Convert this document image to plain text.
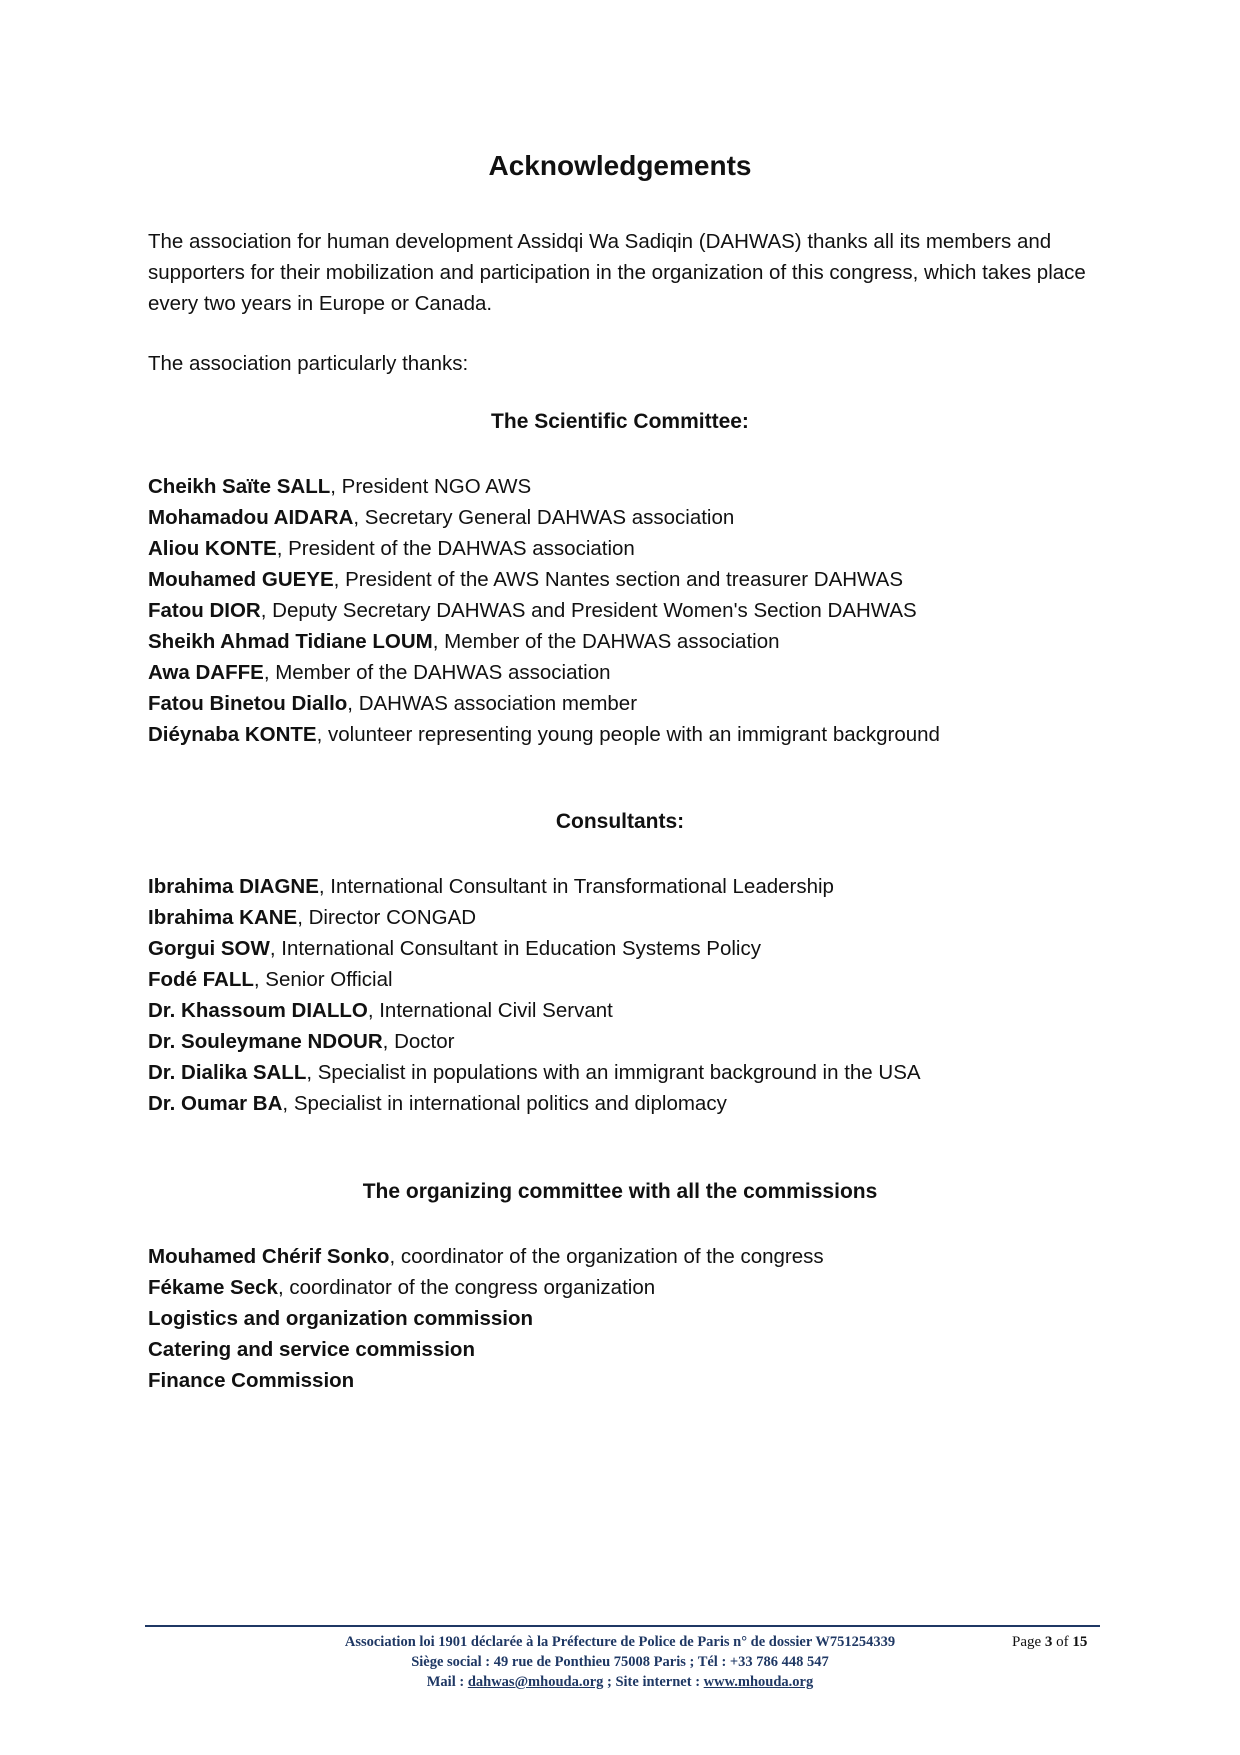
Acknowledgements

The association for human development Assidqi Wa Sadiqin (DAHWAS) thanks all its members and supporters for their mobilization and participation in the organization of this congress, which takes place every two years in Europe or Canada.

The association particularly thanks:

The Scientific Committee:
Cheikh Saïte SALL, President NGO AWS
Mohamadou AIDARA, Secretary General DAHWAS association
Aliou KONTE, President of the DAHWAS association
Mouhamed GUEYE, President of the AWS Nantes section and treasurer DAHWAS
Fatou DIOR, Deputy Secretary DAHWAS and President Women's Section DAHWAS
Sheikh Ahmad Tidiane LOUM, Member of the DAHWAS association
Awa DAFFE, Member of the DAHWAS association
Fatou Binetou Diallo, DAHWAS association member
Diéynaba KONTE, volunteer representing young people with an immigrant background
Consultants:
Ibrahima DIAGNE, International Consultant in Transformational Leadership
Ibrahima KANE, Director CONGAD
Gorgui SOW, International Consultant in Education Systems Policy
Fodé FALL, Senior Official
Dr. Khassoum DIALLO, International Civil Servant
Dr. Souleymane NDOUR, Doctor
Dr. Dialika SALL, Specialist in populations with an immigrant background in the USA
Dr. Oumar BA, Specialist in international politics and diplomacy
The organizing committee with all the commissions
Mouhamed Chérif Sonko, coordinator of the organization of the congress
Fékame Seck, coordinator of the congress organization
Logistics and organization commission
Catering and service commission
Finance Commission
Association loi 1901 déclarée à la Préfecture de Police de Paris n° de dossier W751254339	Page 3 of 15
Siège social : 49 rue de Ponthieu 75008 Paris ; Tél : +33 786 448 547
Mail : dahwas@mhouda.org ; Site internet : www.mhouda.org
